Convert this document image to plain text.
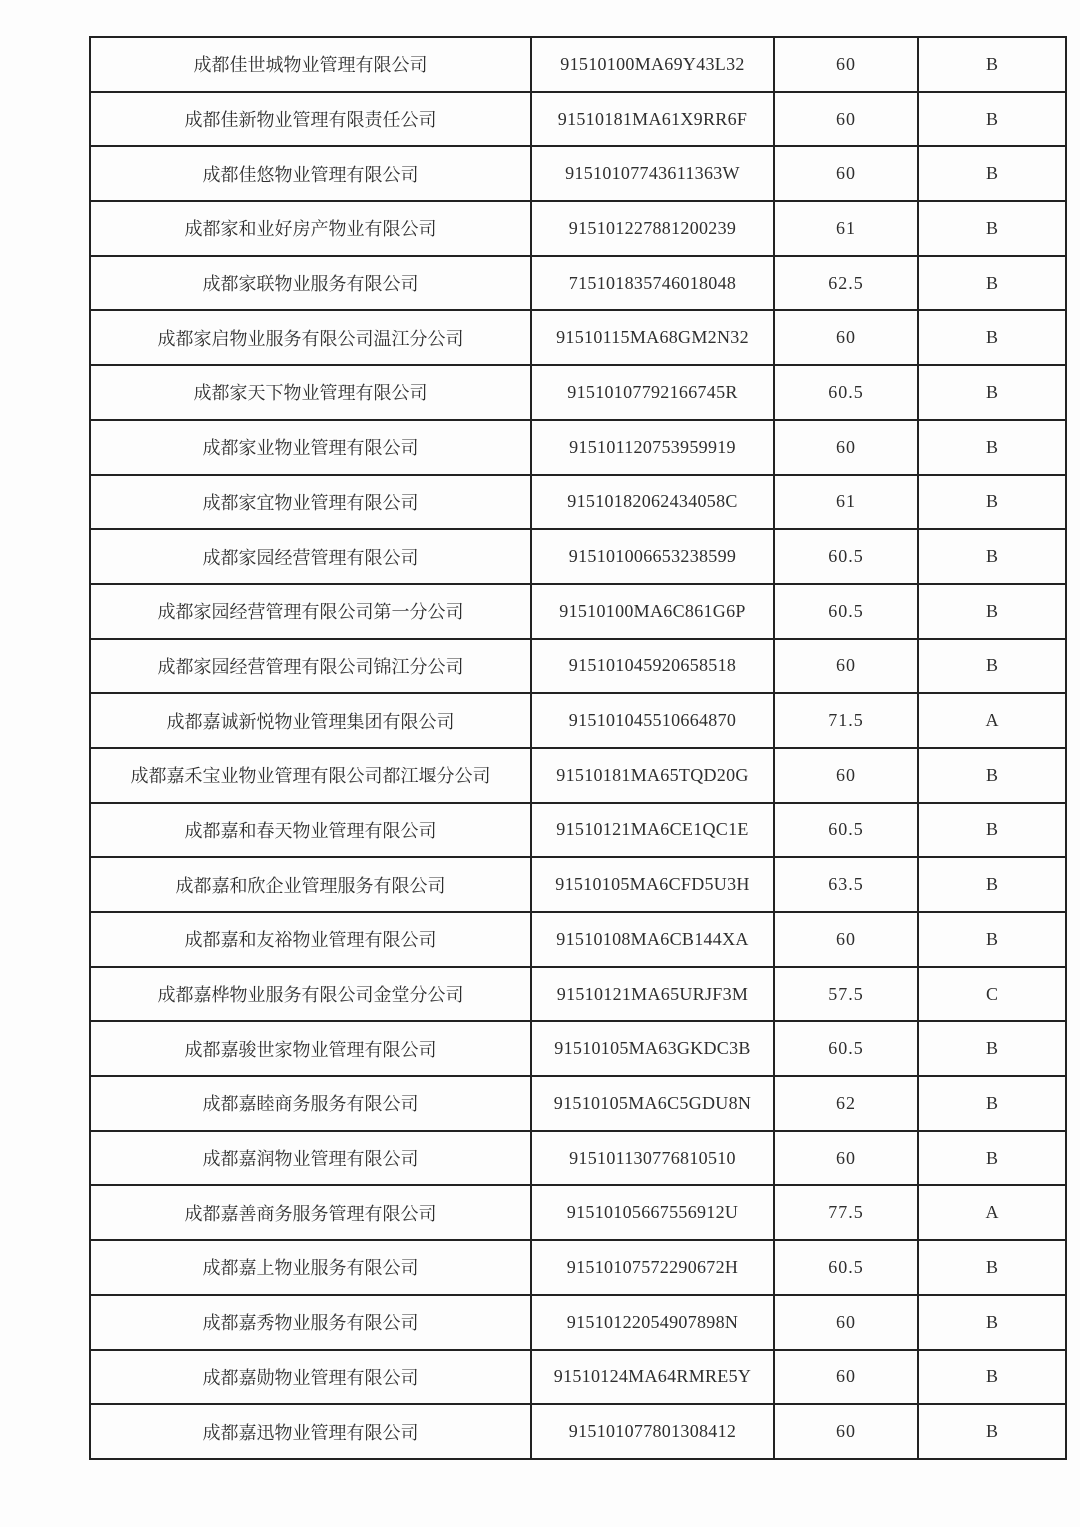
成都佳世城物业管理有限公司	91510100MA69Y43L32	60	B
成都佳新物业管理有限责任公司	91510181MA61X9RR6F	60	B
成都佳悠物业管理有限公司	91510107743611363W	60	B
成都家和业好房产物业有限公司	915101227881200239	61	B
成都家联物业服务有限公司	715101835746018048	62.5	B
成都家启物业服务有限公司温江分公司	91510115MA68GM2N32	60	B
成都家天下物业管理有限公司	91510107792166745R	60.5	B
成都家业物业管理有限公司	915101120753959919	60	B
成都家宜物业管理有限公司	91510182062434058C	61	B
成都家园经营管理有限公司	915101006653238599	60.5	B
成都家园经营管理有限公司第一分公司	91510100MA6C861G6P	60.5	B
成都家园经营管理有限公司锦江分公司	915101045920658518	60	B
成都嘉诚新悦物业管理集团有限公司	915101045510664870	71.5	A
成都嘉禾宝业物业管理有限公司都江堰分公司	91510181MA65TQD20G	60	B
成都嘉和春天物业管理有限公司	91510121MA6CE1QC1E	60.5	B
成都嘉和欣企业管理服务有限公司	91510105MA6CFD5U3H	63.5	B
成都嘉和友裕物业管理有限公司	91510108MA6CB144XA	60	B
成都嘉桦物业服务有限公司金堂分公司	91510121MA65URJF3M	57.5	C
成都嘉骏世家物业管理有限公司	91510105MA63GKDC3B	60.5	B
成都嘉睦商务服务有限公司	91510105MA6C5GDU8N	62	B
成都嘉润物业管理有限公司	915101130776810510	60	B
成都嘉善商务服务管理有限公司	91510105667556912U	77.5	A
成都嘉上物业服务有限公司	91510107572290672H	60.5	B
成都嘉秀物业服务有限公司	91510122054907898N	60	B
成都嘉勋物业管理有限公司	91510124MA64RMRE5Y	60	B
成都嘉迅物业管理有限公司	915101077801308412	60	B
